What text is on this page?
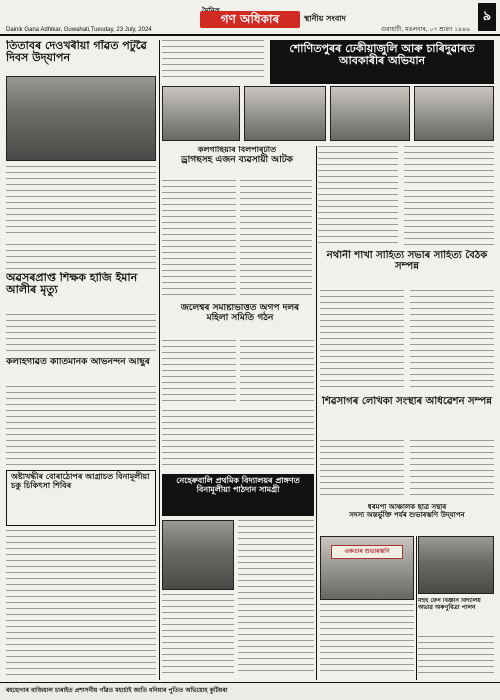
গণ অধিকাৰ	স্থানীয় সংবাদ
Dainik Gana Adhikar, Guwahati,Tuesday, 23 July, 2024	গুৱাহাটী, মঙলবাৰ, ০৭ শ্ৰাৱণ ১৯৪৬
৯
তিতাবৰ দেওখৰীয়া গাঁৱত পটুৱৈ দিবস উদ্‌যাপন
শোণিতপুৰৰ ঢেকীয়াজুলি আৰু চাৰিদুৱাৰত আবকাৰীৰ অভিযান
কলগাছিয়াৰ বিলপাৰ্‌টাত
ড্ৰাগছসহ এজন ব্যৱসায়ী আটক
নৰ্থানী শাখা সাহিত্য সভাৰ সাহিত্য বৈঠক সম্পন্ন
অৱসৰপ্ৰাপ্ত শিক্ষক হাজি ইমান আলীৰ মৃত্যু
জলেশ্বৰ সমষ্টিভিত্তিত অগপ দলৰ মহিলা সমিতি গঠন
কলাইগাঁৱত কীৰ্তিমানক অভিনন্দন আছুৰ
শিৱসাগৰ লেখিকা সংস্থাৰ অধিৱেশন সম্পন্ন
অষ্টাখদ্ধীৰ বোৰাঠোপৰ আগ্ৰাচত বিনামূলীয়া চকু চিকিৎসা শিবিৰ
ধৰমপা আঞ্চলিক ছাত্ৰ সন্থাৰ
সদস্য অন্তৰ্ভুক্তি পৰ্যৰ শুভাৰম্ভণি উদ্‌যাপন
নেহেৰুবালি প্ৰথমিক বিদ্যালয়ৰ প্ৰাঙ্গণত বিনামূলীয়া পাঠদান সামগ্ৰী
একতাৰ শুভাৰম্ভণি
মৰ্হুই ফেন বিজ্ঞান বিদ্যালয় অভাৱ অৰুণুবিত্ৰা পালন
ৰহহোগাৰ বাজিয়াল চাৰাইত প্ৰশাসনীয় গাঁৱত মহাৰ্চাই জাতি ধনিয়াৰ পুতিত অভিয়োহ কুটিয়ৰা
